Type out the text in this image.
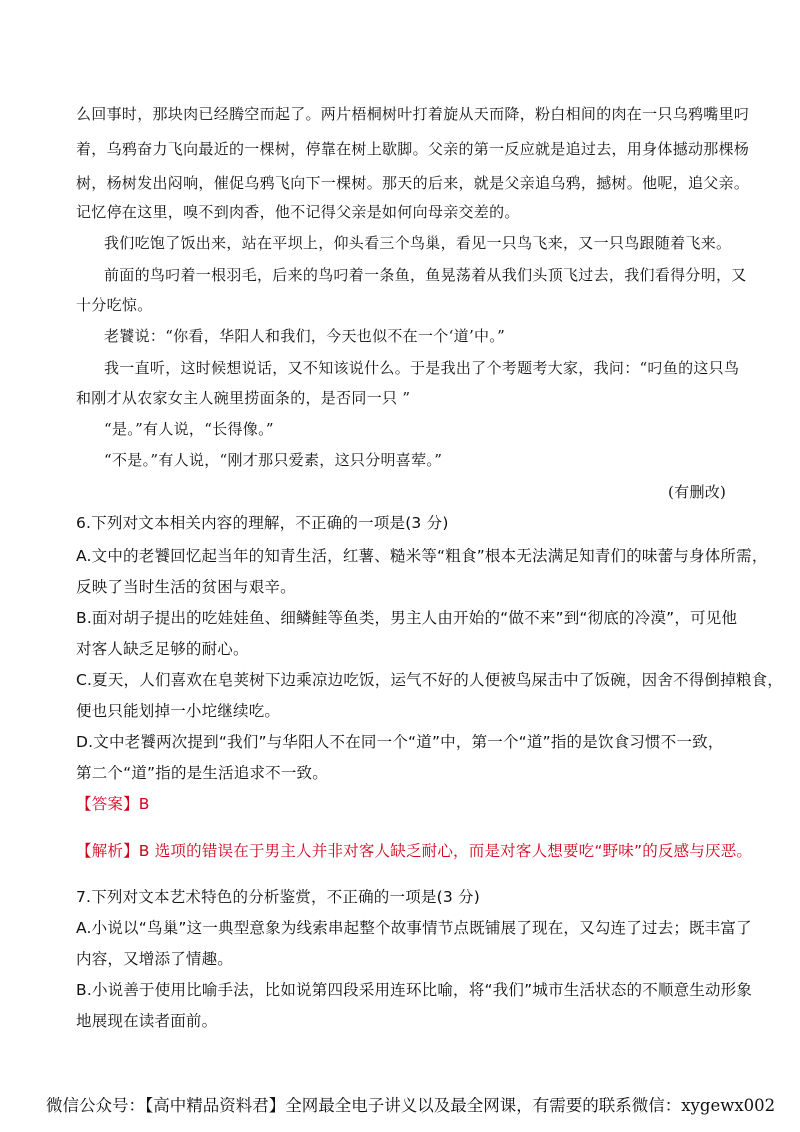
么回事时，那块肉已经腾空而起了。两片梧桐树叶打着旋从天而降，粉白相间的肉在一只乌鸦嘴里叼
着，乌鸦奋力飞向最近的一棵树，停靠在树上歇脚。父亲的第一反应就是追过去，用身体撼动那棵杨
树，杨树发出闷响，催促乌鸦飞向下一棵树。那天的后来，就是父亲追乌鸦，撼树。他呢，追父亲。
记忆停在这里，嗅不到肉香，他不记得父亲是如何向母亲交差的。
我们吃饱了饭出来，站在平坝上，仰头看三个鸟巢，看见一只鸟飞来，又一只鸟跟随着飞来。
前面的鸟叼着一根羽毛，后来的鸟叼着一条鱼，鱼晃荡着从我们头顶飞过去，我们看得分明，又
十分吃惊。
老饕说：“你看，华阳人和我们，今天也似不在一个‘道’中。”
我一直听，这时候想说话，又不知该说什么。于是我出了个考题考大家，我问：“叼鱼的这只鸟
和刚才从农家女主人碗里捞面条的，是否同一只 ”
“是。”有人说，“长得像。”
“不是。”有人说，“刚才那只爱素，这只分明喜荤。”
(有删改)
6.下列对文本相关内容的理解，不正确的一项是(3 分)
A.文中的老饕回忆起当年的知青生活，红薯、糙米等“粗食”根本无法满足知青们的味蕾与身体所需，
反映了当时生活的贫困与艰辛。
B.面对胡子提出的吃娃娃鱼、细鳞鲑等鱼类，男主人由开始的“做不来”到“彻底的冷漠”，可见他
对客人缺乏足够的耐心。
C.夏天，人们喜欢在皂荚树下边乘凉边吃饭，运气不好的人便被鸟屎击中了饭碗，因舍不得倒掉粮食，
便也只能划掉一小坨继续吃。
D.文中老饕两次提到“我们”与华阳人不在同一个“道”中，第一个“道”指的是饮食习惯不一致，
第二个“道”指的是生活追求不一致。
【答案】B
【解析】B 选项的错误在于男主人并非对客人缺乏耐心，而是对客人想要吃“野味”的反感与厌恶。
7.下列对文本艺术特色的分析鉴赏，不正确的一项是(3 分)
A.小说以“鸟巢”这一典型意象为线索串起整个故事情节点既铺展了现在，又勾连了过去；既丰富了
内容，又增添了情趣。
B.小说善于使用比喻手法，比如说第四段采用连环比喻，将“我们”城市生活状态的不顺意生动形象
地展现在读者面前。
微信公众号：【高中精品资料君】全网最全电子讲义以及最全网课，有需要的联系微信：xygewx002
